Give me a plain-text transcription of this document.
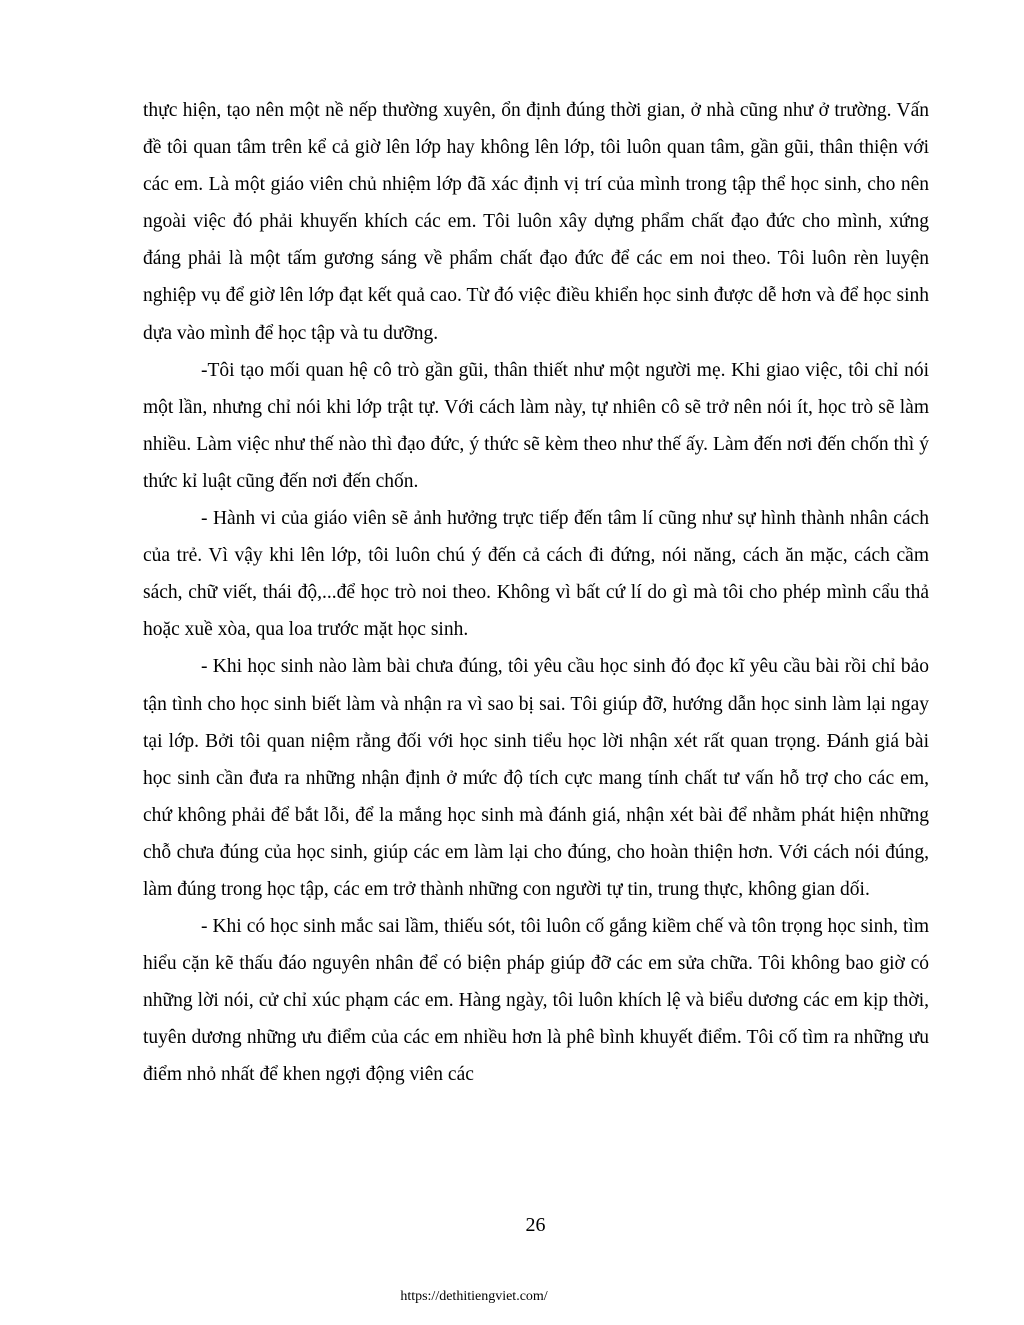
thực hiện, tạo nên một nề nếp thường xuyên, ổn định đúng thời gian, ở nhà cũng như ở trường. Vấn đề tôi quan tâm trên kể cả giờ lên lớp hay không lên lớp, tôi luôn quan tâm, gần gũi, thân thiện với các em. Là một giáo viên chủ nhiệm lớp đã xác định vị trí của mình trong tập thể học sinh, cho nên ngoài việc đó phải khuyến khích các em. Tôi luôn xây dựng phẩm chất đạo đức cho mình, xứng đáng phải là một tấm gương sáng về phẩm chất đạo đức để các em noi theo. Tôi luôn rèn luyện nghiệp vụ để giờ lên lớp đạt kết quả cao. Từ đó việc điều khiển học sinh được dễ hơn và để học sinh dựa vào mình để học tập và tu dưỡng.

-Tôi tạo mối quan hệ cô trò gần gũi, thân thiết như một người mẹ. Khi giao việc, tôi chỉ nói một lần, nhưng chỉ nói khi lớp trật tự. Với cách làm này, tự nhiên cô sẽ trở nên nói ít, học trò sẽ làm nhiều. Làm việc như thế nào thì đạo đức, ý thức sẽ kèm theo như thế ấy. Làm đến nơi đến chốn thì ý thức kỉ luật cũng đến nơi đến chốn.

- Hành vi của giáo viên sẽ ảnh hưởng trực tiếp đến tâm lí cũng như sự hình thành nhân cách của trẻ. Vì vậy khi lên lớp, tôi luôn chú ý đến cả cách đi đứng, nói năng, cách ăn mặc, cách cầm sách, chữ viết, thái độ,...để học trò noi theo. Không vì bất cứ lí do gì mà tôi cho phép mình cẩu thả hoặc xuề xòa, qua loa trước mặt học sinh.

- Khi học sinh nào làm bài chưa đúng, tôi yêu cầu học sinh đó đọc kĩ yêu cầu bài rồi chỉ bảo tận tình cho học sinh biết làm và nhận ra vì sao bị sai. Tôi giúp đỡ, hướng dẫn học sinh làm lại ngay tại lớp. Bởi tôi quan niệm rằng đối với học sinh tiểu học lời nhận xét rất quan trọng. Đánh giá bài học sinh cần đưa ra những nhận định ở mức độ tích cực mang tính chất tư vấn hỗ trợ cho các em, chứ không phải để bắt lỗi, để la mắng học sinh mà đánh giá, nhận xét bài để nhằm phát hiện những chỗ chưa đúng của học sinh, giúp các em làm lại cho đúng, cho hoàn thiện hơn. Với cách nói đúng, làm đúng trong học tập, các em trở thành những con người tự tin, trung thực, không gian dối.

- Khi có học sinh mắc sai lầm, thiếu sót, tôi luôn cố gắng kiềm chế và tôn trọng học sinh, tìm hiểu cặn kẽ thấu đáo nguyên nhân để có biện pháp giúp đỡ các em sửa chữa. Tôi không bao giờ có những lời nói, cử chỉ xúc phạm các em. Hàng ngày, tôi luôn khích lệ và biểu dương các em kịp thời, tuyên dương những ưu điểm của các em nhiều hơn là phê bình khuyết điểm. Tôi cố tìm ra những ưu điểm nhỏ nhất để khen ngợi động viên các

26
https://dethitiengviet.com/
